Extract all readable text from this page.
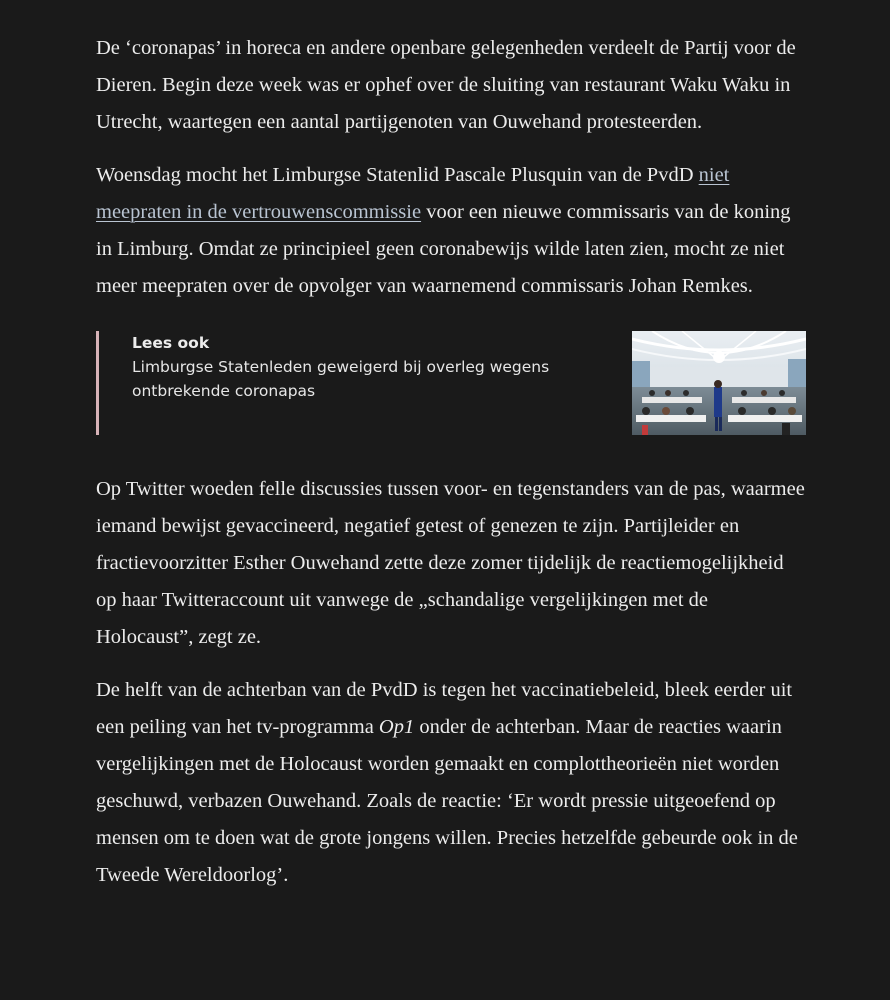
De ‘coronapas’ in horeca en andere openbare gelegenheden verdeelt de Partij voor de Dieren. Begin deze week was er ophef over de sluiting van restaurant Waku Waku in Utrecht, waartegen een aantal partijgenoten van Ouwehand protesteerden.

Woensdag mocht het Limburgse Statenlid Pascale Plusquin van de PvdD niet meepraten in de vertrouwenscommissie voor een nieuwe commissaris van de koning in Limburg. Omdat ze principieel geen coronabewijs wilde laten zien, mocht ze niet meer meepraten over de opvolger van waarnemend commissaris Johan Remkes.

Lees ook
Limburgse Statenleden geweigerd bij overleg wegens ontbrekende coronapas

Op Twitter woeden felle discussies tussen voor- en tegenstanders van de pas, waarmee iemand bewijst gevaccineerd, negatief getest of genezen te zijn. Partijleider en fractievoorzitter Esther Ouwehand zette deze zomer tijdelijk de reactiemogelijkheid op haar Twitteraccount uit vanwege de „schandalige vergelijkingen met de Holocaust”, zegt ze.

De helft van de achterban van de PvdD is tegen het vaccinatiebeleid, bleek eerder uit een peiling van het tv-programma Op1 onder de achterban. Maar de reacties waarin vergelijkingen met de Holocaust worden gemaakt en complottheorieën niet worden geschuwd, verbazen Ouwehand. Zoals de reactie: ‘Er wordt pressie uitgeoefend op mensen om te doen wat de grote jongens willen. Precies hetzelfde gebeurde ook in de Tweede Wereldoorlog’.
